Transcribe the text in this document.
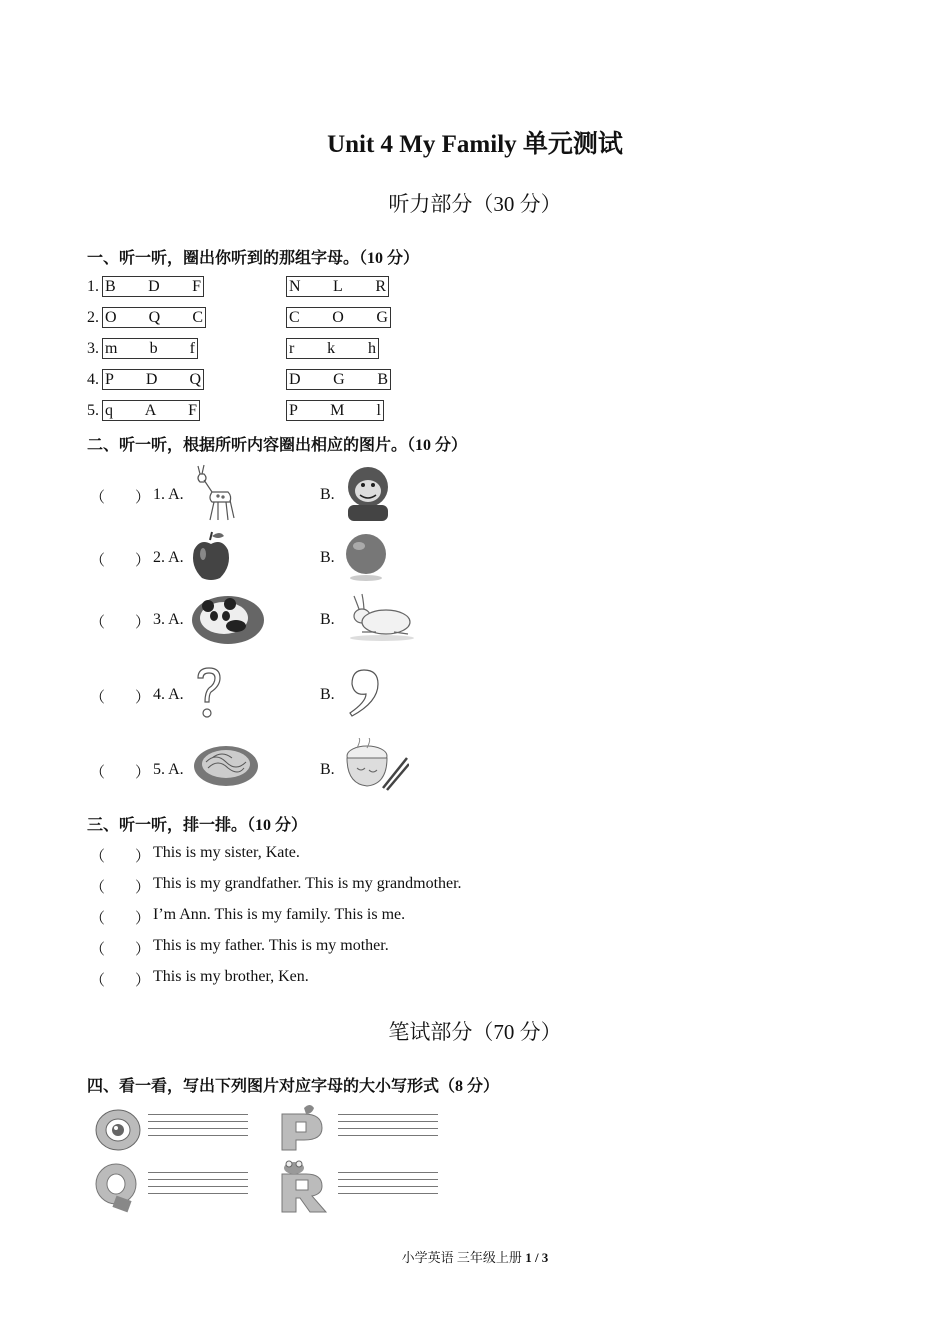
Unit 4 My Family 单元测试
听力部分（30 分）
一、听一听，圈出你听到的那组字母。（10 分）
1. B D F	N L R
2. O Q C	C O G
3. m b f	r k h
4. P D Q	D G B
5. q A F	P M l
二、听一听，根据所听内容圈出相应的图片。（10 分）
（　　） 1. A.	B.
（　　） 2. A.	B.
（　　） 3. A.	B.
（　　） 4. A.	B.
（　　） 5. A.	B.
三、听一听，排一排。（10 分）
（　　） This is my sister, Kate.
（　　） This is my grandfather. This is my grandmother.
（　　） I’m Ann. This is my family. This is me.
（　　） This is my father. This is my mother.
（　　） This is my brother, Ken.
笔试部分（70 分）
四、看一看，写出下列图片对应字母的大小写形式（8 分）
小学英语 三年级上册 1 / 3
